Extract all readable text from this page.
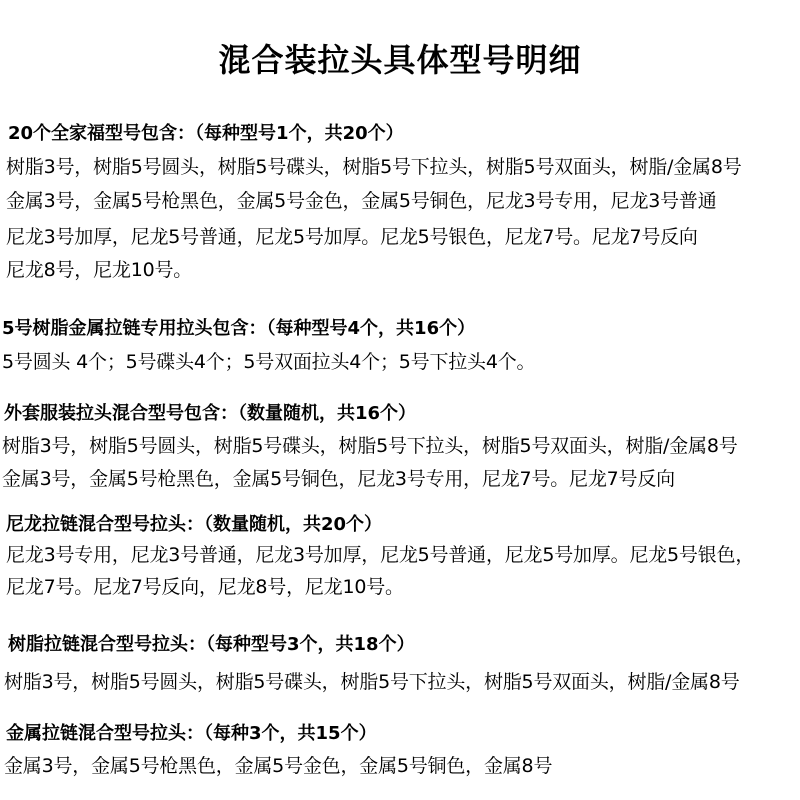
混合装拉头具体型号明细
20个全家福型号包含：（每种型号1个，共20个）
树脂3号，树脂5号圆头，树脂5号碟头，树脂5号下拉头，树脂5号双面头，树脂/金属8号
金属3号，金属5号枪黑色，金属5号金色，金属5号铜色，尼龙3号专用，尼龙3号普通
尼龙3号加厚，尼龙5号普通，尼龙5号加厚。尼龙5号银色，尼龙7号。尼龙7号反向
尼龙8号，尼龙10号。
5号树脂金属拉链专用拉头包含：（每种型号4个，共16个）
5号圆头 4个；5号碟头4个；5号双面拉头4个；5号下拉头4个。
外套服装拉头混合型号包含：（数量随机，共16个）
树脂3号，树脂5号圆头，树脂5号碟头，树脂5号下拉头，树脂5号双面头，树脂/金属8号
金属3号，金属5号枪黑色，金属5号铜色，尼龙3号专用，尼龙7号。尼龙7号反向
尼龙拉链混合型号拉头：（数量随机，共20个）
尼龙3号专用，尼龙3号普通，尼龙3号加厚，尼龙5号普通，尼龙5号加厚。尼龙5号银色，
尼龙7号。尼龙7号反向，尼龙8号，尼龙10号。
树脂拉链混合型号拉头：（每种型号3个，共18个）
树脂3号，树脂5号圆头，树脂5号碟头，树脂5号下拉头，树脂5号双面头，树脂/金属8号
金属拉链混合型号拉头：（每种3个，共15个）
金属3号，金属5号枪黑色，金属5号金色，金属5号铜色，金属8号
